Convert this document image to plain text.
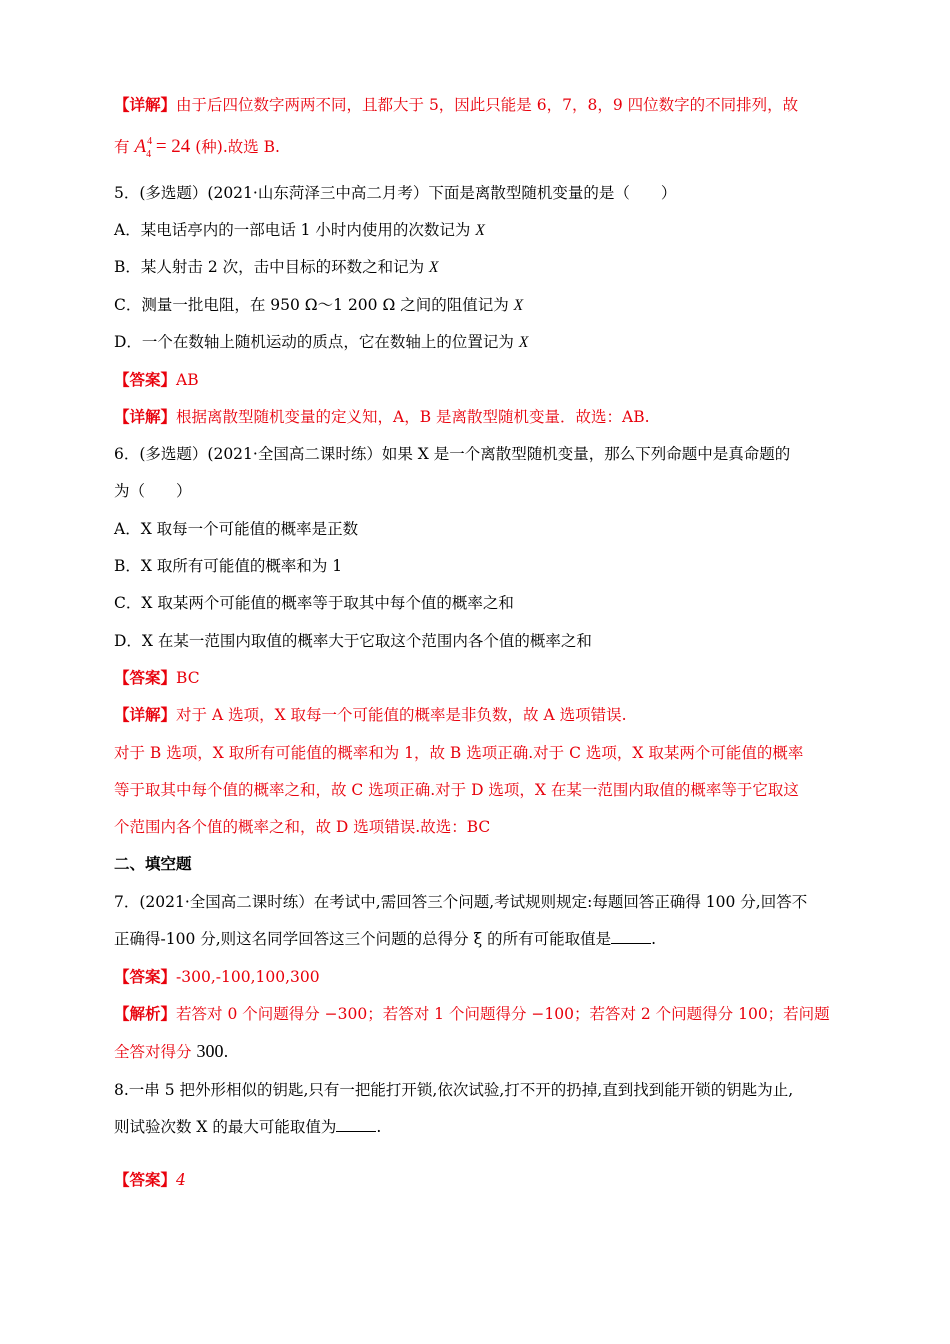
【详解】由于后四位数字两两不同，且都大于 5，因此只能是 6，7，8，9 四位数字的不同排列，故
有 $A^4_4 = 24$ (种).故选 B.
5．(多选题）(2021·山东菏泽三中高二月考）下面是离散型随机变量的是（　　）
A．某电话亭内的一部电话 1 小时内使用的次数记为 X
B．某人射击 2 次，击中目标的环数之和记为 X
C．测量一批电阻，在 950 Ω～1 200 Ω 之间的阻值记为 X
D．一个在数轴上随机运动的质点，它在数轴上的位置记为 X
【答案】AB
【详解】根据离散型随机变量的定义知，A，B 是离散型随机变量．故选：AB.
6．(多选题）(2021·全国高二课时练）如果 X 是一个离散型随机变量，那么下列命题中是真命题的
为（　　）
A．X 取每一个可能值的概率是正数
B．X 取所有可能值的概率和为 1
C．X 取某两个可能值的概率等于取其中每个值的概率之和
D．X 在某一范围内取值的概率大于它取这个范围内各个值的概率之和
【答案】BC
【详解】对于 A 选项，X 取每一个可能值的概率是非负数，故 A 选项错误.
对于 B 选项，X 取所有可能值的概率和为 1，故 B 选项正确.对于 C 选项，X 取某两个可能值的概率
等于取其中每个值的概率之和，故 C 选项正确.对于 D 选项，X 在某一范围内取值的概率等于它取这
个范围内各个值的概率之和，故 D 选项错误.故选：BC
二、填空题
7．(2021·全国高二课时练）在考试中,需回答三个问题,考试规则规定:每题回答正确得 100 分,回答不
正确得-100 分,则这名同学回答这三个问题的总得分 ξ 的所有可能取值是	.
【答案】-300,-100,100,300
【解析】若答对 0 个问题得分 −300；若答对 1 个问题得分 −100；若答对 2 个问题得分 100；若问题
全答对得分 300.
8.一串 5 把外形相似的钥匙,只有一把能打开锁,依次试验,打不开的扔掉,直到找到能开锁的钥匙为止,
则试验次数 X 的最大可能取值为	.
【答案】4
